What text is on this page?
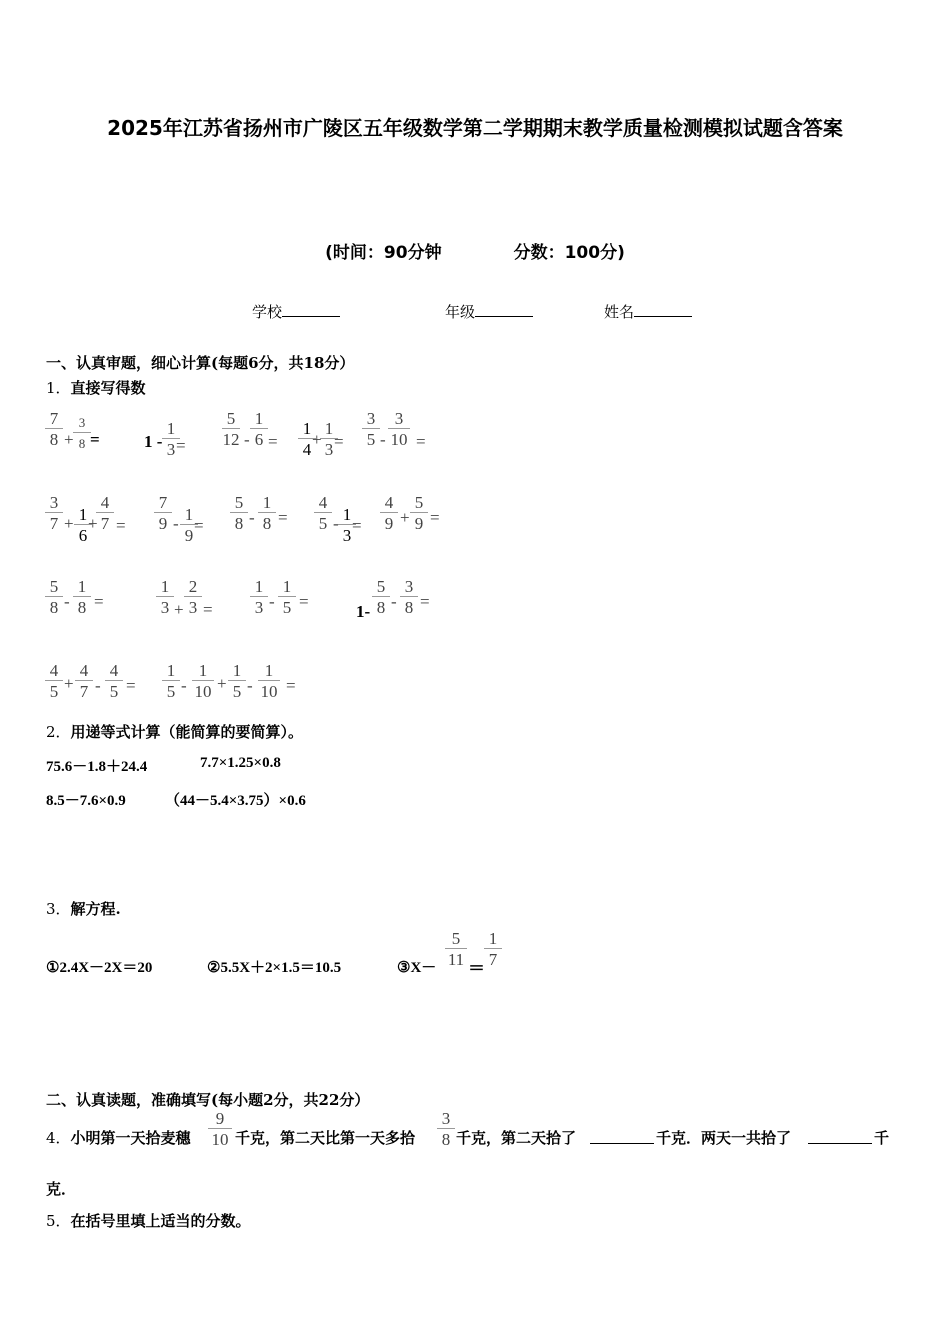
2025年江苏省扬州市广陵区五年级数学第二学期期末教学质量检测模拟试题含答案
(时间：90分钟	分数：100分)
学校	年级	姓名
一、认真审题，细心计算(每题6分，共18分）
1．直接写得数
7
8 +
3
8 =	1 -
1
3 =
5
12 -
1
6 =
1
4
+
1
3 =
3
5 -
3
10 =
3
7 + 1
6
+
4
7 =
7
9 - 1
9
=
5
8 -
1
8 =
4
5 - 1
3
=
4
9 +
5
9 =
5
8 -
1
8 =
1
3 +
2
3 =
1
3 -
1
5 =
1-
5
8 -
3
8 =
4
5 +
4
7 -
4
5 =
1
5 -
1
10 +
1
5 -
1
10 =
2．用递等式计算（能简算的要简算）。
75.6－1.8＋24.4	7.7×1.25×0.8
8.5－7.6×0.9	（44－5.4×3.75）×0.6
3．解方程.
①2.4X－2X＝20	②5.5X＋2×1.5＝10.5	③X－
5
11 ＝
1
7
二、认真读题，准确填写(每小题2分，共22分）
4．小明第一天拾麦穗
9
10
3
8
千克，第二天比第一天多拾	千克，第二天拾了	千克．两天一共拾了	千
克．
5．在括号里填上适当的分数。
